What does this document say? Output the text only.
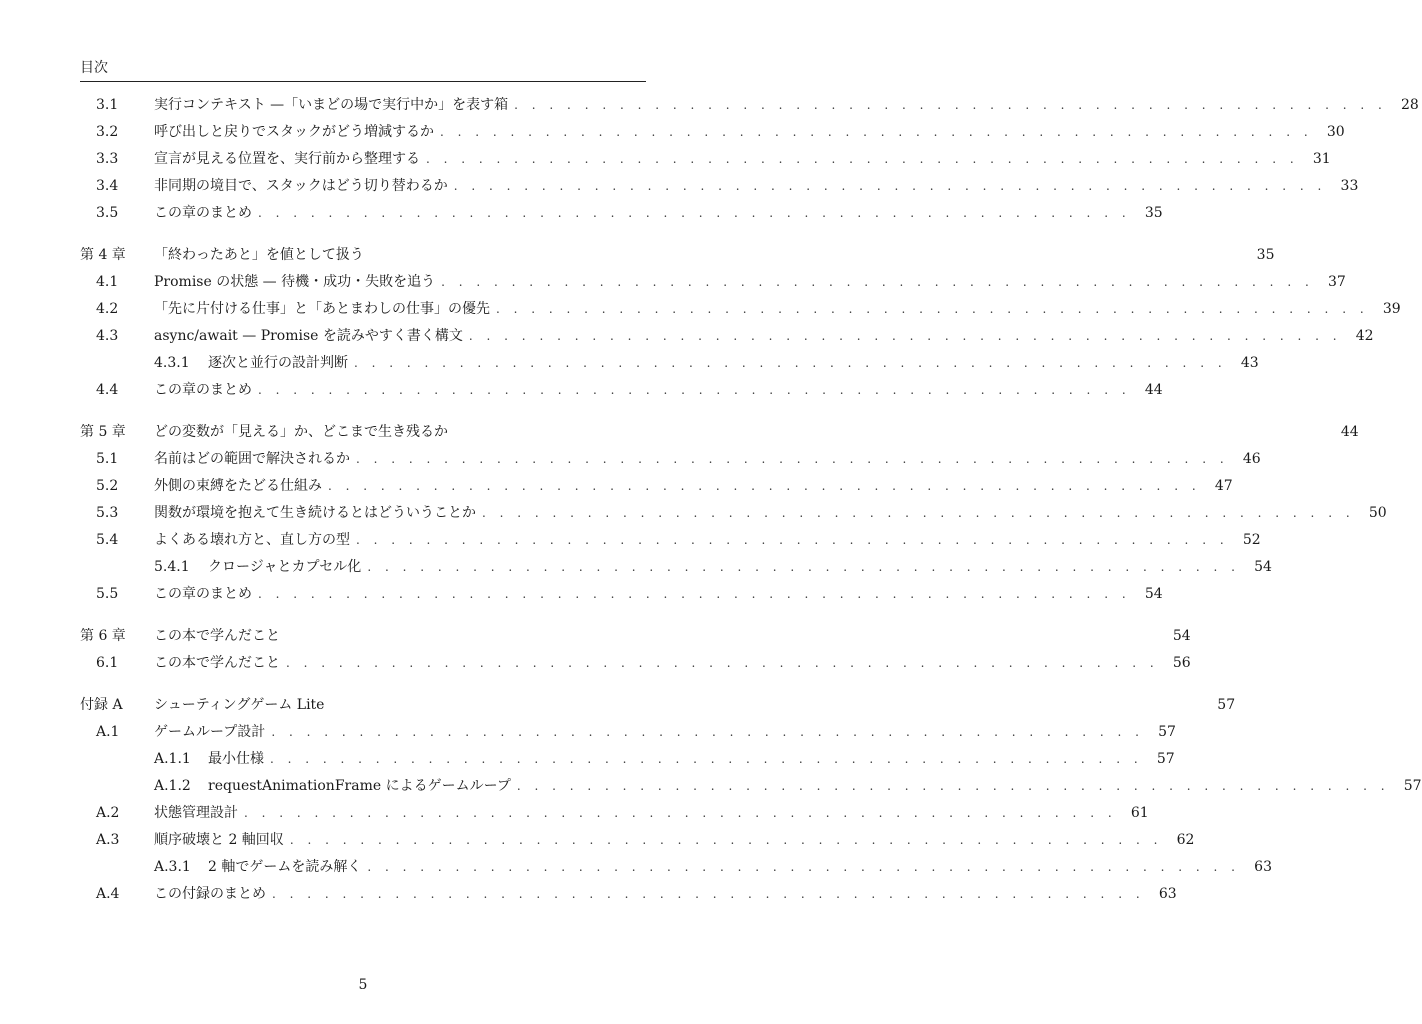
目次
3.1	実行コンテキスト —「いまどの場で実行中か」を表す箱 . . . . . . . . . . . . . . . . . . . . . . . . . . . . . . . . . . . . . . . . . . . . . . . . . .	28
3.2	呼び出しと戻りでスタックがどう増減するか . . . . . . . . . . . . . . . . . . . . . . . . . . . . . . . . . . . . . . . . . . . . . . . . . .	30
3.3	宣言が見える位置を、実行前から整理する . . . . . . . . . . . . . . . . . . . . . . . . . . . . . . . . . . . . . . . . . . . . . . . . . .	31
3.4	非同期の境目で、スタックはどう切り替わるか . . . . . . . . . . . . . . . . . . . . . . . . . . . . . . . . . . . . . . . . . . . . . . . . . .	33
3.5	この章のまとめ . . . . . . . . . . . . . . . . . . . . . . . . . . . . . . . . . . . . . . . . . . . . . . . . . .	35
第 4 章	「終わったあと」を値として扱う	35
4.1	Promise の状態 — 待機・成功・失敗を追う . . . . . . . . . . . . . . . . . . . . . . . . . . . . . . . . . . . . . . . . . . . . . . . . . .	37
4.2	「先に片付ける仕事」と「あとまわしの仕事」の優先 . . . . . . . . . . . . . . . . . . . . . . . . . . . . . . . . . . . . . . . . . . . . . . . . . .	39
4.3	async/await — Promise を読みやすく書く構文 . . . . . . . . . . . . . . . . . . . . . . . . . . . . . . . . . . . . . . . . . . . . . . . . . .	42
4.3.1	逐次と並行の設計判断 . . . . . . . . . . . . . . . . . . . . . . . . . . . . . . . . . . . . . . . . . . . . . . . . . .	43
4.4	この章のまとめ . . . . . . . . . . . . . . . . . . . . . . . . . . . . . . . . . . . . . . . . . . . . . . . . . .	44
第 5 章	どの変数が「見える」か、どこまで生き残るか	44
5.1	名前はどの範囲で解決されるか . . . . . . . . . . . . . . . . . . . . . . . . . . . . . . . . . . . . . . . . . . . . . . . . . .	46
5.2	外側の束縛をたどる仕組み . . . . . . . . . . . . . . . . . . . . . . . . . . . . . . . . . . . . . . . . . . . . . . . . . .	47
5.3	関数が環境を抱えて生き続けるとはどういうことか . . . . . . . . . . . . . . . . . . . . . . . . . . . . . . . . . . . . . . . . . . . . . . . . . .	50
5.4	よくある壊れ方と、直し方の型 . . . . . . . . . . . . . . . . . . . . . . . . . . . . . . . . . . . . . . . . . . . . . . . . . .	52
5.4.1	クロージャとカプセル化 . . . . . . . . . . . . . . . . . . . . . . . . . . . . . . . . . . . . . . . . . . . . . . . . . .	54
5.5	この章のまとめ . . . . . . . . . . . . . . . . . . . . . . . . . . . . . . . . . . . . . . . . . . . . . . . . . .	54
第 6 章	この本で学んだこと	54
6.1	この本で学んだこと . . . . . . . . . . . . . . . . . . . . . . . . . . . . . . . . . . . . . . . . . . . . . . . . . .	56
付録 A	シューティングゲーム Lite	57
A.1	ゲームループ設計 . . . . . . . . . . . . . . . . . . . . . . . . . . . . . . . . . . . . . . . . . . . . . . . . . .	57
A.1.1	最小仕様 . . . . . . . . . . . . . . . . . . . . . . . . . . . . . . . . . . . . . . . . . . . . . . . . . .	57
A.1.2	requestAnimationFrame によるゲームループ . . . . . . . . . . . . . . . . . . . . . . . . . . . . . . . . . . . . . . . . . . . . . . . . . .	57
A.2	状態管理設計 . . . . . . . . . . . . . . . . . . . . . . . . . . . . . . . . . . . . . . . . . . . . . . . . . .	61
A.3	順序破壊と 2 軸回収 . . . . . . . . . . . . . . . . . . . . . . . . . . . . . . . . . . . . . . . . . . . . . . . . . .	62
A.3.1	2 軸でゲームを読み解く . . . . . . . . . . . . . . . . . . . . . . . . . . . . . . . . . . . . . . . . . . . . . . . . . .	63
A.4	この付録のまとめ . . . . . . . . . . . . . . . . . . . . . . . . . . . . . . . . . . . . . . . . . . . . . . . . . .	63
5
